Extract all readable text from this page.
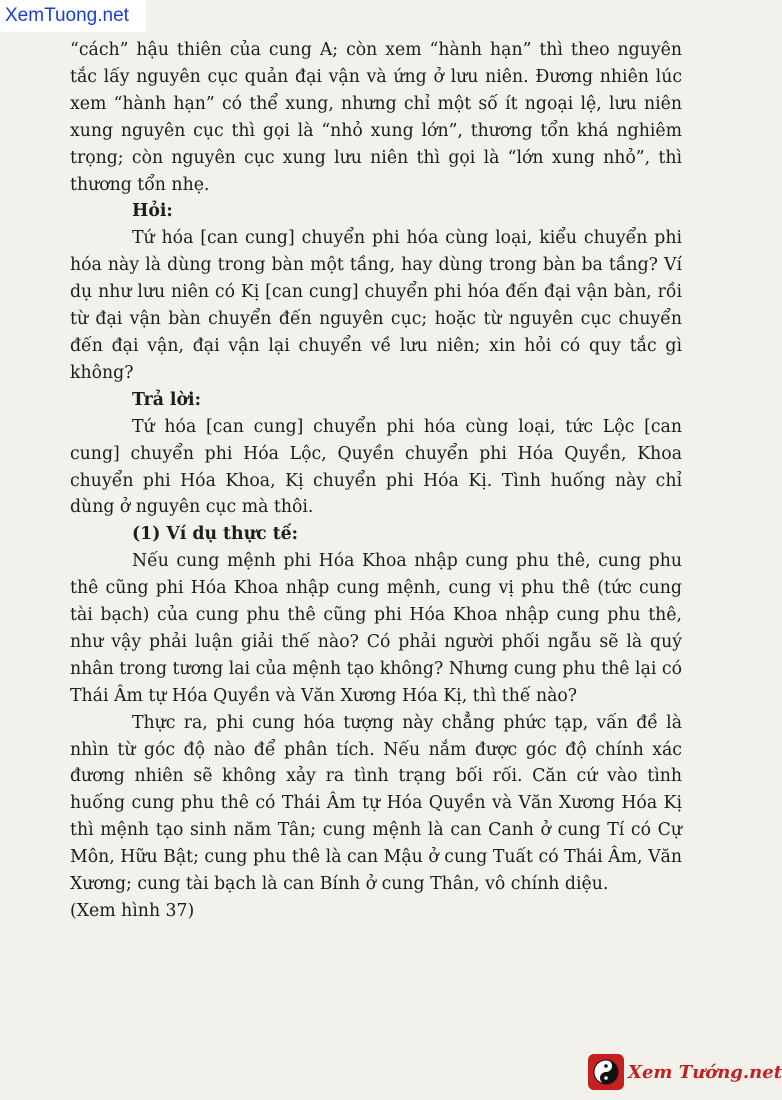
XemTuong.net

“cách” hậu thiên của cung A; còn xem “hành hạn” thì theo nguyên tắc lấy nguyên cục quản đại vận và ứng ở lưu niên. Đương nhiên lúc xem “hành hạn” có thể xung, nhưng chỉ một số ít ngoại lệ, lưu niên xung nguyên cục thì gọi là “nhỏ xung lớn”, thương tổn khá nghiêm trọng; còn nguyên cục xung lưu niên thì gọi là “lớn xung nhỏ”, thì thương tổn nhẹ.

Hỏi:

Tứ hóa [can cung] chuyển phi hóa cùng loại, kiểu chuyển phi hóa này là dùng trong bàn một tầng, hay dùng trong bàn ba tầng? Ví dụ như lưu niên có Kị [can cung] chuyển phi hóa đến đại vận bàn, rồi từ đại vận bàn chuyển đến nguyên cục; hoặc từ nguyên cục chuyển đến đại vận, đại vận lại chuyển về lưu niên; xin hỏi có quy tắc gì không?

Trả lời:

Tứ hóa [can cung] chuyển phi hóa cùng loại, tức Lộc [can cung] chuyển phi Hóa Lộc, Quyền chuyển phi Hóa Quyền, Khoa chuyển phi Hóa Khoa, Kị chuyển phi Hóa Kị. Tình huống này chỉ dùng ở nguyên cục mà thôi.

(1) Ví dụ thực tế:

Nếu cung mệnh phi Hóa Khoa nhập cung phu thê, cung phu thê cũng phi Hóa Khoa nhập cung mệnh, cung vị phu thê (tức cung tài bạch) của cung phu thê cũng phi Hóa Khoa nhập cung phu thê, như vậy phải luận giải thế nào? Có phải người phối ngẫu sẽ là quý nhân trong tương lai của mệnh tạo không? Nhưng cung phu thê lại có Thái Âm tự Hóa Quyền và Văn Xương Hóa Kị, thì thế nào?

Thực ra, phi cung hóa tượng này chẳng phức tạp, vấn đề là nhìn từ góc độ nào để phân tích. Nếu nắm được góc độ chính xác đương nhiên sẽ không xảy ra tình trạng bối rối. Căn cứ vào tình huống cung phu thê có Thái Âm tự Hóa Quyền và Văn Xương Hóa Kị thì mệnh tạo sinh năm Tân; cung mệnh là can Canh ở cung Tí có Cự Môn, Hữu Bật; cung phu thê là can Mậu ở cung Tuất có Thái Âm, Văn Xương; cung tài bạch là can Bính ở cung Thân, vô chính diệu.

(Xem hình 37)

Xem Tướng.net
